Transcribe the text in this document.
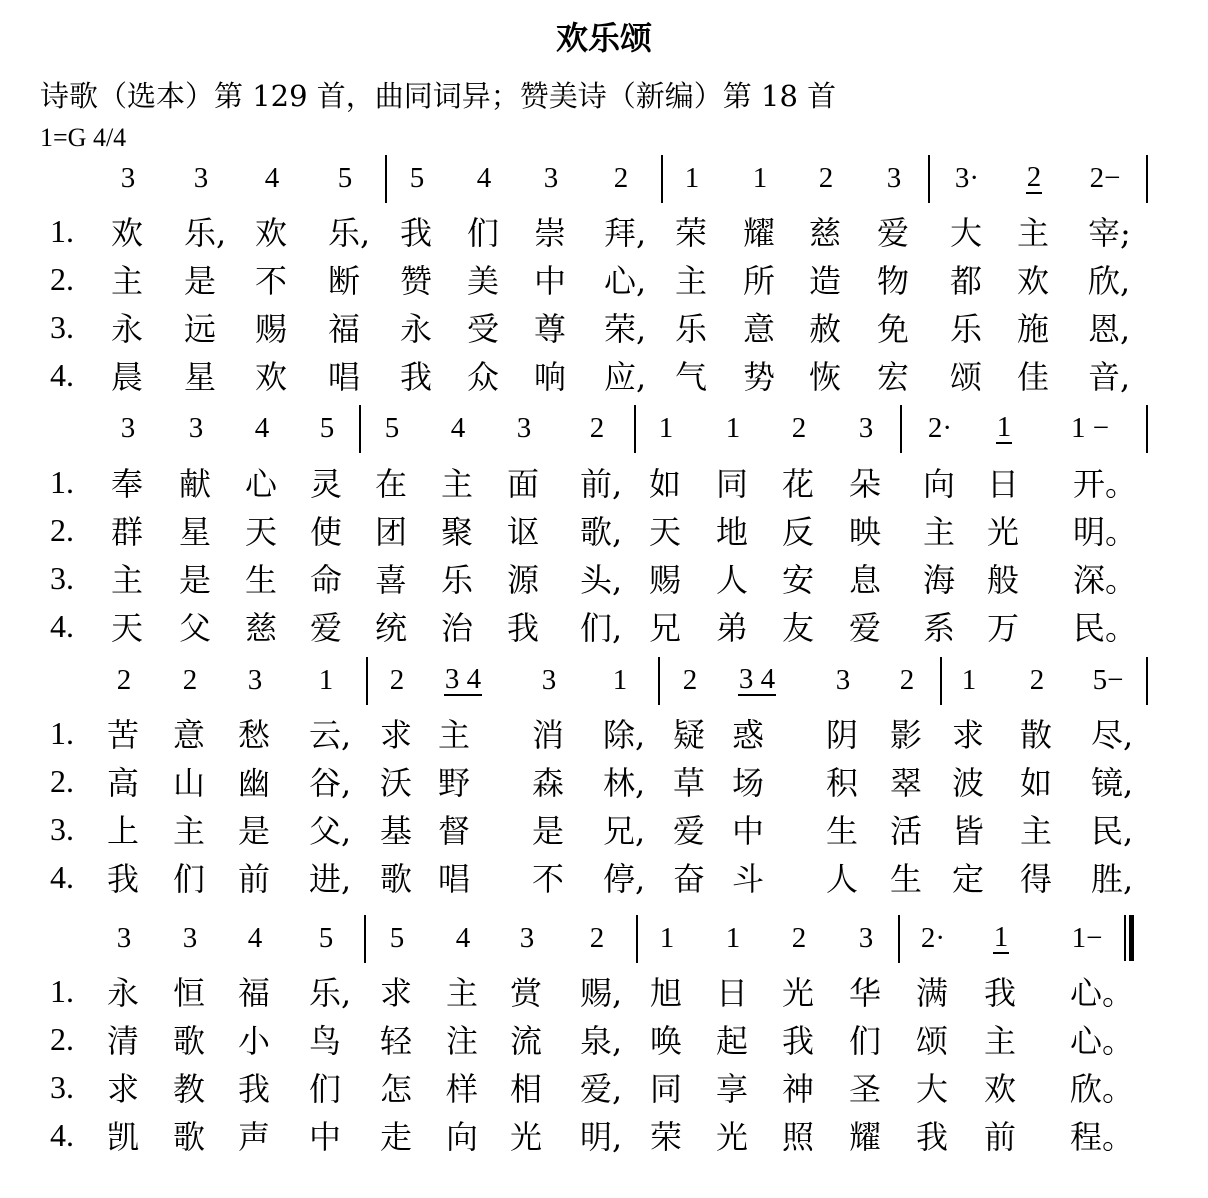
欢乐颂
诗歌（选本）第 129 首，曲同词异；赞美诗（新编）第 18 首
1=G 4/4
3 3 4 5 5 4 3 2 1 1 2 3 3· 2 2−
1.	欢	乐, 欢	乐, 我	们	崇	拜, 荣	耀	慈	爱	大	主	宰;
2.	主	是	不	断	赞	美	中	心, 主	所	造	物	都	欢	欣,
3.	永	远	赐	福	永	受	尊	荣, 乐	意	赦	免	乐	施	恩,
4.	晨	星	欢	唱	我	众	响	应, 气	势	恢	宏	颂	佳	音,
3 3 4 5 5 4 3 2 1 1 2 3 2· 1 1 −
1.	奉	献	心	灵	在	主	面	前, 如	同	花	朵	向 日	开。
2.	群	星	天	使	团	聚	讴	歌, 天	地	反	映	主 光	明。
3.	主	是	生	命	喜	乐	源	头, 赐	人	安	息	海 般	深。
4.	天	父	慈	爱	统	治	我	们, 兄	弟	友	爱	系 万	民。
2 2 3 1 2 3 4 3 1 2 3 4 3 2 1 2 5−
1.	苦	意	愁	云, 求 主	消	除, 疑 惑	阴 影 求	散	尽,
2.	高	山	幽	谷, 沃 野	森	林, 草 场	积 翠 波	如	镜,
3.	上	主	是	父, 基 督	是	兄, 爱 中	生 活 皆	主	民,
4.	我	们	前	进, 歌 唱	不	停, 奋 斗	人 生 定	得	胜,
3 3 4 5 5 4 3 2 1 1 2 3 2· 1 1−
1.	永	恒	福	乐, 求	主 赏	赐, 旭	日	光	华	满	我	心。
2.	清	歌	小	鸟	轻	注 流	泉, 唤	起	我	们	颂	主	心。
3.	求	教	我	们	怎	样 相	爱, 同	享	神	圣	大	欢	欣。
4.	凯	歌	声	中	走	向 光	明, 荣	光	照	耀	我	前	程。
